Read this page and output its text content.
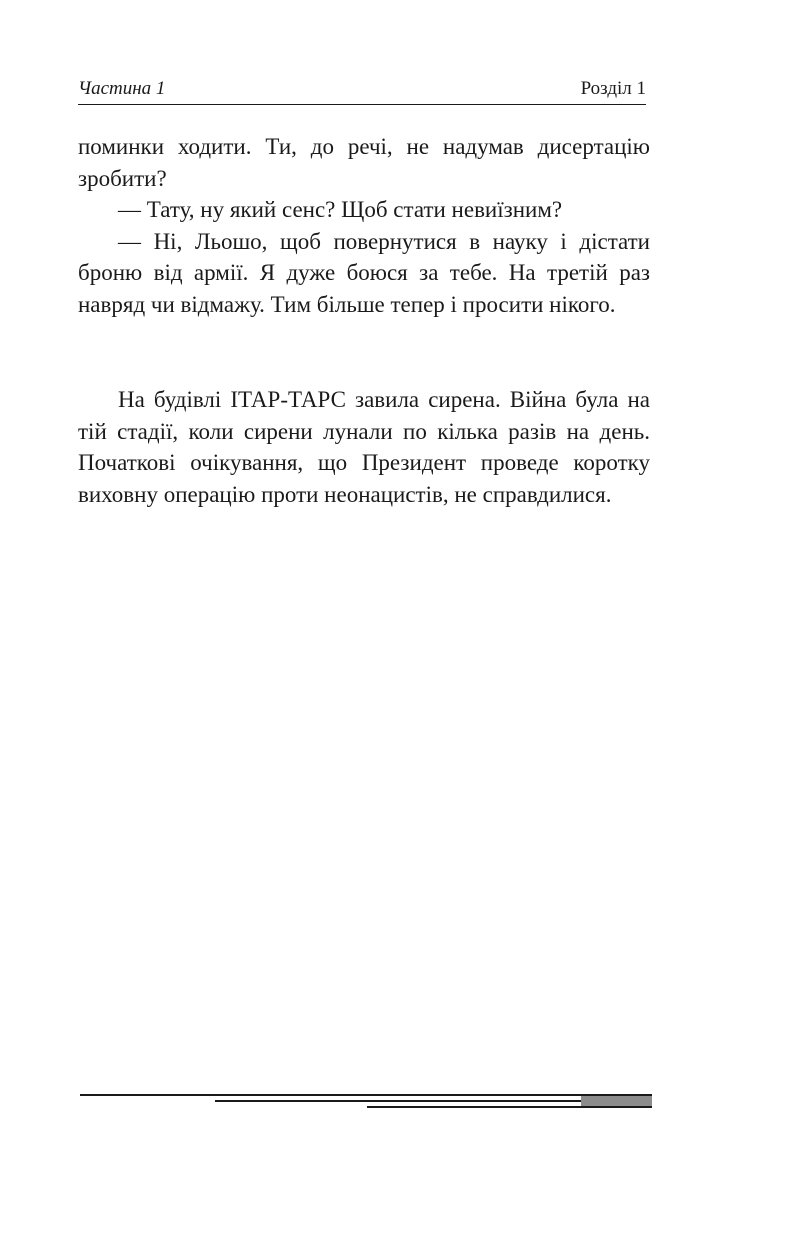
Частина 1	Розділ 1

поминки ходити. Ти, до речі, не надумав дисертацію зробити?

— Тату, ну який сенс? Щоб стати невиїзним?

— Ні, Льошо, щоб повернутися в науку і дістати броню від армії. Я дуже боюся за тебе. На третій раз навряд чи відмажу. Тим більше тепер і просити нікого.

На будівлі ІТАР-ТАРС завила сирена. Війна була на тій стадії, коли сирени лунали по кілька разів на день. Початкові очікування, що Президент проведе коротку виховну операцію проти неонацистів, не справдилися.
